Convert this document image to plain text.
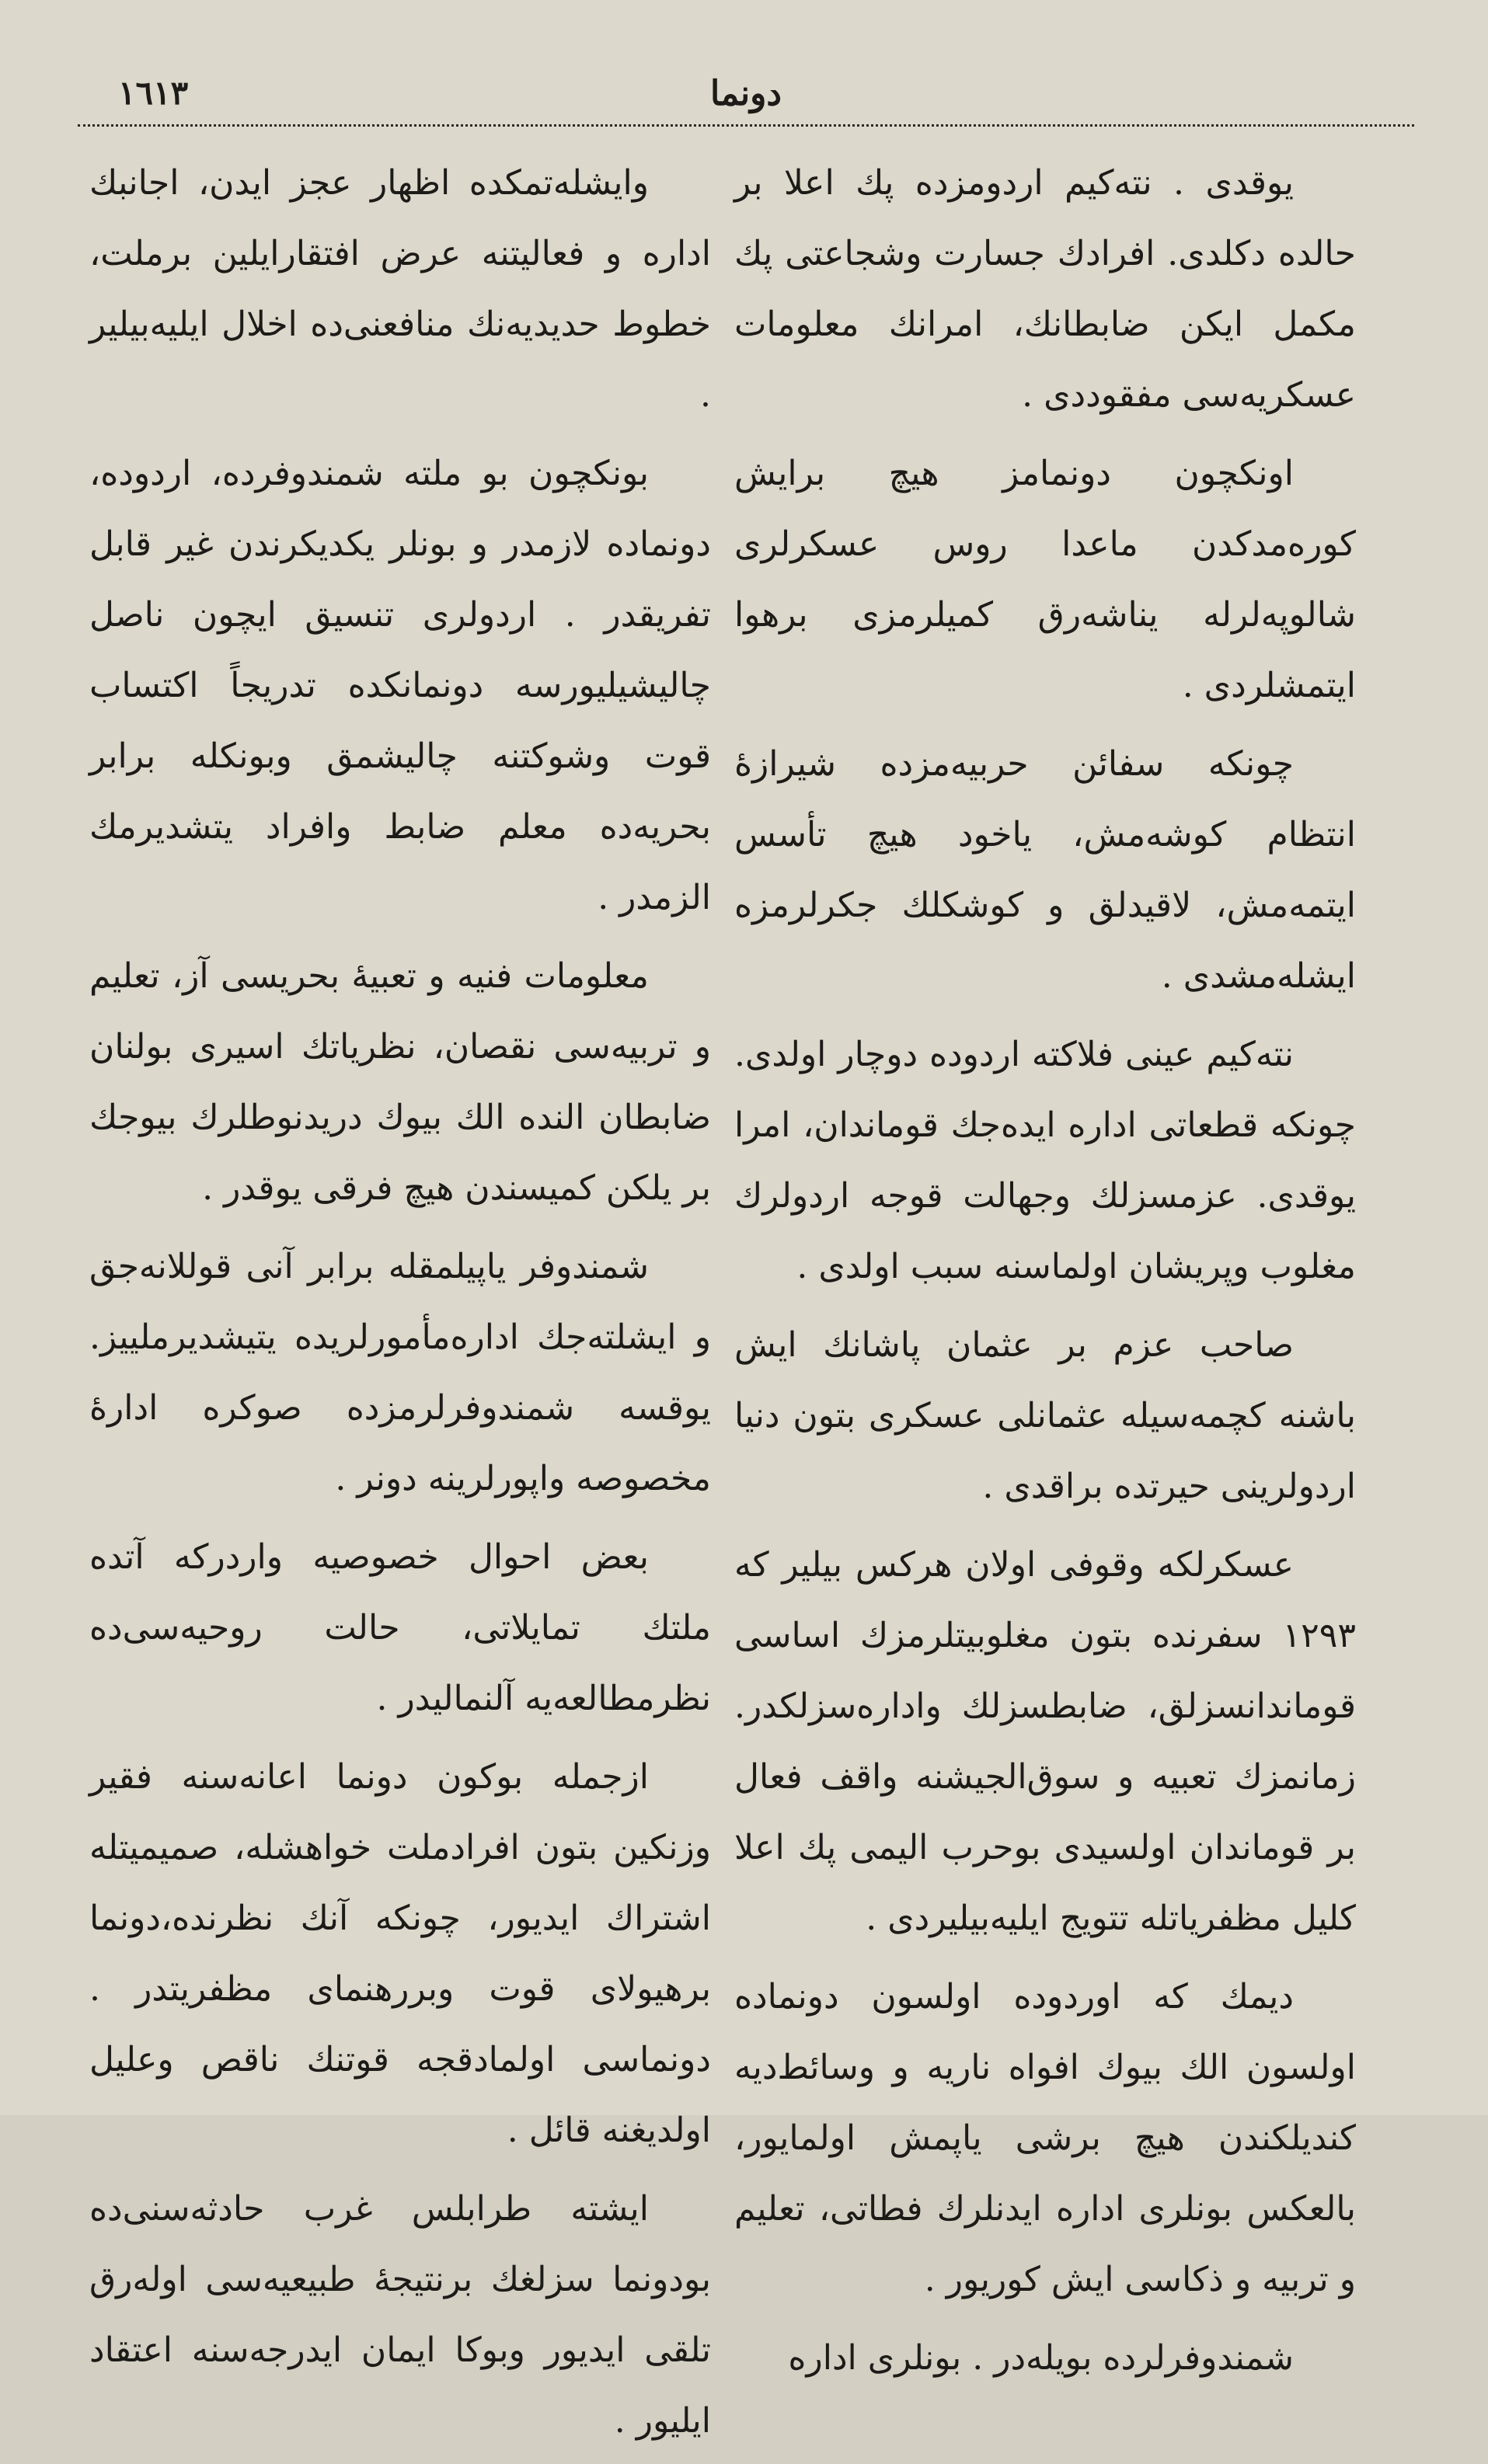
١٦١٣	دونما

يوقدی . نته‌كيم اردومزده پك اعلا بر حالده دكلدی. افرادك جسارت وشجاعتی پك مكمل ايكن ضابطانك، امرانك معلومات عسكريه‌سی مفقوددی .

اونكچون دونمامز هيچ برايش كوره‌مدكدن ماعدا روس عسكرلری شالوپه‌لرله يناشه‌رق كميلرمزی برهوا ايتمشلردی .

چونكه سفائن حربيه‌مزده شيرازهٔ انتظام كوشه‌مش، ياخود هيچ تأسس ايتمه‌مش، لاقيدلق و كوشكلك جكرلرمزه ايشله‌مشدی .

نته‌كيم عينی فلاكته اردوده دوچار اولدی. چونكه قطعاتی اداره ايده‌جك قوماندان، امرا يوقدی. عزمسزلك وجهالت قوجه اردولرك مغلوب وپريشان اولماسنه سبب اولدی .

صاحب عزم بر عثمان پاشانك ايش باشنه كچمه‌سيله عثمانلی عسكری بتون دنيا اردولرينی حيرتده براقدی .

عسكرلكه وقوفی اولان هركس بيلير كه ١٢٩٣ سفرنده بتون مغلوبيتلرمزك اساسی قوماندانسزلق، ضابطسزلك واداره‌سزلكدر. زمانمزك تعبيه و سوق‌الجيشنه واقف فعال بر قوماندان اولسيدی بوحرب اليمی پك اعلا كليل مظفرياتله تتويج ايليه‌بيليردی .

ديمك كه اوردوده اولسون دونماده اولسون الك بيوك افواه ناريه و وسائط‌ديه كنديلكندن هيچ برشی ياپمش اولمايور، بالعكس بونلری اداره ايدنلرك فطاتی، تعليم و تربيه و ذكاسی ايش كوريور .

شمندوفرلرده بويله‌در . بونلری اداره

وايشله‌تمكده اظهار عجز ايدن، اجانبك اداره و فعاليتنه عرض افتقارايلين برملت، خطوط حديديه‌نك منافعنی‌ده اخلال ايليه‌بيلير .

بونكچون بو ملته شمندوفرده، اردوده، دونماده لازمدر و بونلر يكديكرندن غير قابل تفريقدر . اردولری تنسيق ايچون ناصل چاليشيليورسه دونمانكده تدريجاً اكتساب قوت وشوكتنه چاليشمق وبونكله برابر بحريه‌ده معلم ضابط وافراد يتشديرمك الزمدر .

معلومات فنيه و تعبيهٔ بحريسی آز، تعليم و تربيه‌سی نقصان، نظرياتك اسيری بولنان ضابطان النده الك بيوك دريدنوطلرك بيوجك بر يلكن كميسندن هيچ فرقی يوقدر .

شمندوفر ياپيلمقله برابر آنی قوللانه‌جق و ايشلته‌جك اداره‌مأمورلريده يتيشديرمليیز. يوقسه شمندوفرلرمزده صوكره ادارهٔ مخصوصه واپورلرينه دونر .

بعض احوال خصوصيه واردركه آتده ملتك تمايلاتی، حالت روحيه‌سی‌ده نظرمطالعه‌يه آلنماليدر .

ازجمله بوكون دونما اعانه‌سنه فقير وزنكين بتون افرادملت خواهشله، صميميتله اشتراك ايديور، چونكه آنك نظرنده،دونما برهيولای قوت وبررهنمای مظفريتدر . دونماسی اولمادقجه قوتنك ناقص وعليل اولديغنه قائل .

ايشته طرابلس غرب حادثه‌سنی‌ده بودونما سزلغك برنتيجهٔ طبيعيه‌سی اوله‌رق تلقی ايديور وبوكا ايمان ايدرجه‌سنه اعتقاد ايليور .
